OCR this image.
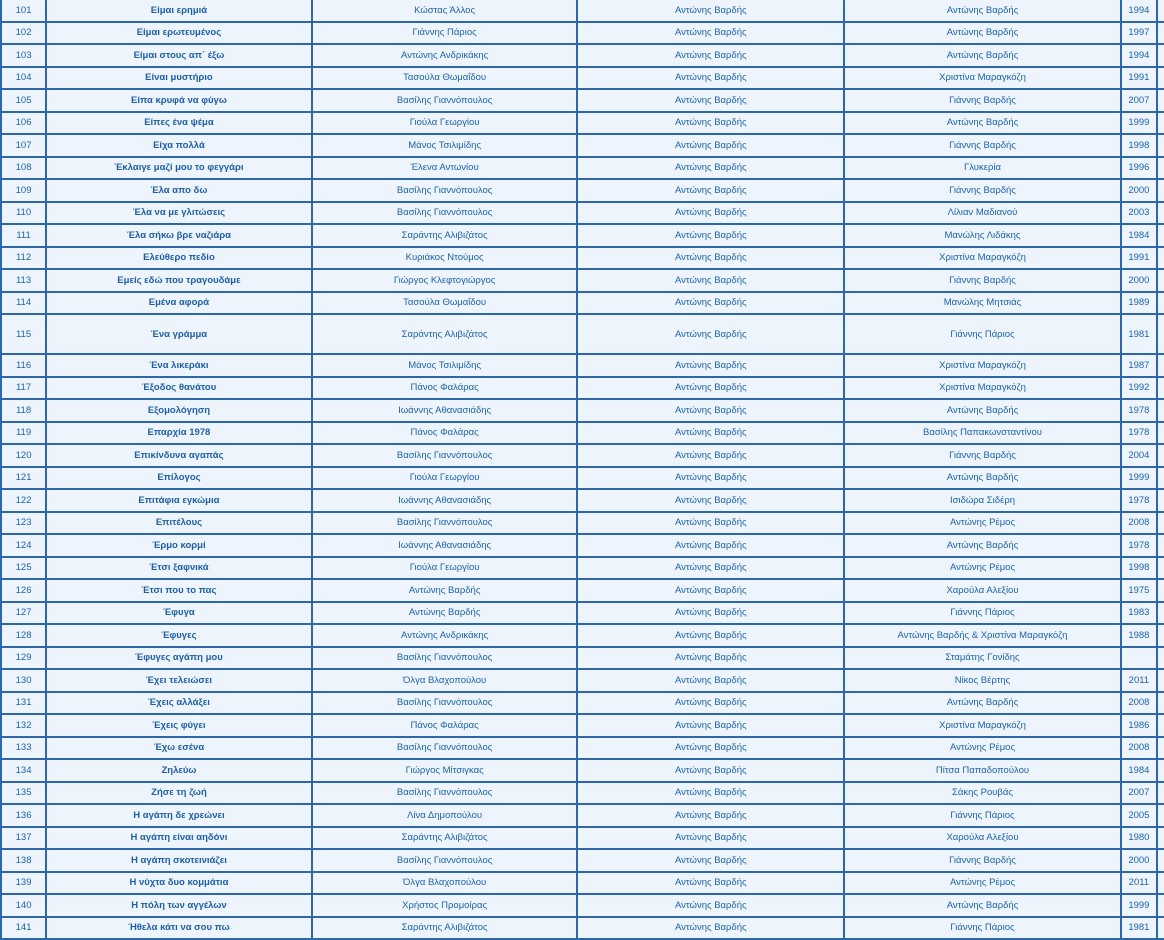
101	Είμαι ερημιά	Κώστας Άλλος	Αντώνης Βαρδής	Αντώνης Βαρδής	1994	
102	Είμαι ερωτευμένος	Γιάννης Πάριος	Αντώνης Βαρδής	Αντώνης Βαρδής	1997	
103	Είμαι στους απ΄ έξω	Αντώνης Ανδρικάκης	Αντώνης Βαρδής	Αντώνης Βαρδής	1994	
104	Είναι μυστήριο	Τασούλα Θωμαΐδου	Αντώνης Βαρδής	Χριστίνα Μαραγκόζη	1991	
105	Είπα κρυφά να φύγω	Βασίλης Γιαννόπουλος	Αντώνης Βαρδής	Γιάννης Βαρδής	2007	
106	Είπες ένα ψέμα	Γιούλα Γεωργίου	Αντώνης Βαρδής	Αντώνης Βαρδής	1999	
107	Είχα πολλά	Μάνος Τσιλιμίδης	Αντώνης Βαρδής	Γιάννης Βαρδής	1998	
108	Έκλαιγε μαζί μου το φεγγάρι	Έλενα Αντωνίου	Αντώνης Βαρδής	Γλυκερία	1996	
109	Έλα απο δω	Βασίλης Γιαννόπουλος	Αντώνης Βαρδής	Γιάννης Βαρδής	2000	
110	Έλα να με γλιτώσεις	Βασίλης Γιαννόπουλος	Αντώνης Βαρδής	Λίλιαν Μαδιανού	2003	
111	Έλα σήκω βρε ναζιάρα	Σαράντης Αλιβιζάτος	Αντώνης Βαρδής	Μανώλης Λιδάκης	1984	
112	Ελεύθερο πεδίο	Κυριάκος Ντούμος	Αντώνης Βαρδής	Χριστίνα Μαραγκόζη	1991	
113	Εμείς εδώ που τραγουδάμε	Γιώργος Κλεφτογιώργος	Αντώνης Βαρδής	Γιάννης Βαρδής	2000	
114	Εμένα αφορά	Τασούλα Θωμαΐδου	Αντώνης Βαρδής	Μανώλης Μητσιάς	1989	
115	Ένα γράμμα	Σαράντης Αλιβιζάτος	Αντώνης Βαρδής	Γιάννης Πάριος	1981	
116	Ένα λικεράκι	Μάνος Τσιλιμίδης	Αντώνης Βαρδής	Χριστίνα Μαραγκόζη	1987	
117	Έξοδος θανάτου	Πάνος Φαλάρας	Αντώνης Βαρδής	Χριστίνα Μαραγκόζη	1992	
118	Εξομολόγηση	Ιωάννης Αθανασιάδης	Αντώνης Βαρδής	Αντώνης Βαρδής	1978	
119	Επαρχία 1978	Πάνος Φαλάρας	Αντώνης Βαρδής	Βασίλης Παπακωνσταντίνου	1978	
120	Επικίνδυνα αγαπάς	Βασίλης Γιαννόπουλος	Αντώνης Βαρδής	Γιάννης Βαρδής	2004	
121	Επίλογος	Γιούλα Γεωργίου	Αντώνης Βαρδής	Αντώνης Βαρδής	1999	
122	Επιτάφια εγκώμια	Ιωάννης Αθανασιάδης	Αντώνης Βαρδής	Ισιδώρα Σιδέρη	1978	
123	Επιτέλους	Βασίλης Γιαννόπουλος	Αντώνης Βαρδής	Αντώνης Ρέμος	2008	
124	Έρμο κορμί	Ιωάννης Αθανασιάδης	Αντώνης Βαρδής	Αντώνης Βαρδής	1978	
125	Έτσι ξαφνικά	Γιούλα Γεωργίου	Αντώνης Βαρδής	Αντώνης Ρέμος	1998	
126	Έτσι που το πας	Αντώνης Βαρδής	Αντώνης Βαρδής	Χαρούλα Αλεξίου	1975	
127	Έφυγα	Αντώνης Βαρδής	Αντώνης Βαρδής	Γιάννης Πάριος	1983	
128	Έφυγες	Αντώνης Ανδρικάκης	Αντώνης Βαρδής	Αντώνης Βαρδής & Χριστίνα Μαραγκόζη	1988	
129	Έφυγες αγάπη μου	Βασίλης Γιαννόπουλος	Αντώνης Βαρδής	Σταμάτης Γονίδης		
130	Έχει τελειώσει	Όλγα Βλαχοπούλου	Αντώνης Βαρδής	Νίκος Βέρτης	2011	
131	Έχεις αλλάξει	Βασίλης Γιαννόπουλος	Αντώνης Βαρδής	Αντώνης Βαρδής	2008	
132	Έχεις φύγει	Πάνος Φαλάρας	Αντώνης Βαρδής	Χριστίνα Μαραγκόζη	1986	
133	Έχω εσένα	Βασίλης Γιαννόπουλος	Αντώνης Βαρδής	Αντώνης Ρέμος	2008	
134	Ζηλεύω	Γιώργος Μίτσιγκας	Αντώνης Βαρδής	Πίτσα Παπαδοπούλου	1984	
135	Ζήσε τη ζωή	Βασίλης Γιαννόπουλος	Αντώνης Βαρδής	Σάκης Ρουβάς	2007	
136	Η αγάπη δε χρεώνει	Λίνα Δημοπούλου	Αντώνης Βαρδής	Γιάννης Πάριος	2005	
137	Η αγάπη είναι αηδόνι	Σαράντης Αλιβιζάτος	Αντώνης Βαρδής	Χαρούλα Αλεξίου	1980	
138	Η αγάπη σκοτεινιάζει	Βασίλης Γιαννόπουλος	Αντώνης Βαρδής	Γιάννης Βαρδής	2000	
139	Η νύχτα δυο κομμάτια	Όλγα Βλαχοπούλου	Αντώνης Βαρδής	Αντώνης Ρέμος	2011	
140	Η πόλη των αγγέλων	Χρήστος Προμοίρας	Αντώνης Βαρδής	Αντώνης Βαρδής	1999	
141	Ήθελα κάτι να σου πω	Σαράντης Αλιβιζάτος	Αντώνης Βαρδής	Γιάννης Πάριος	1981	
